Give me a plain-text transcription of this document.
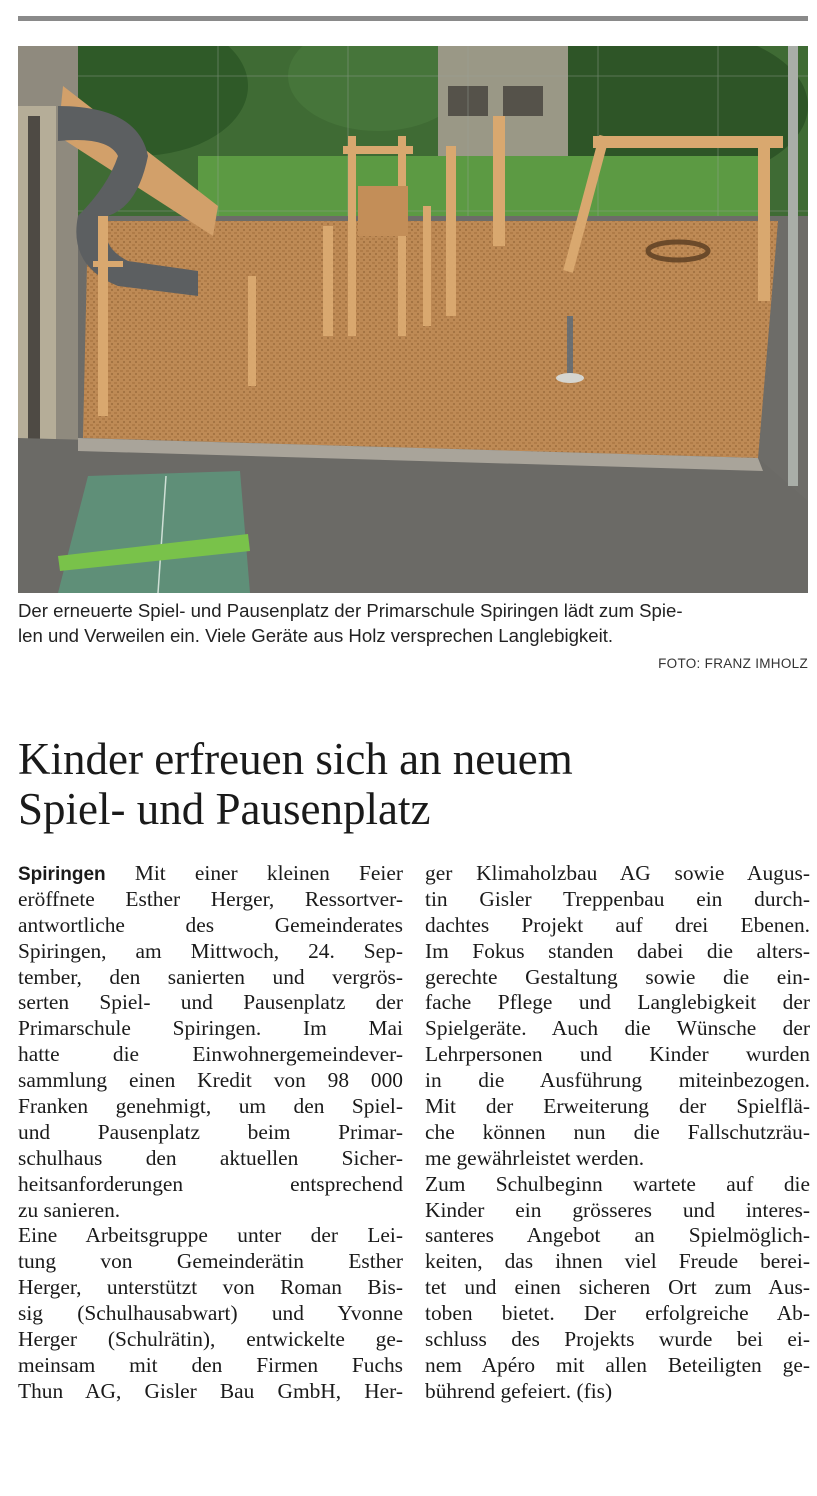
Der erneuerte Spiel- und Pausenplatz der Primarschule Spiringen lädt zum Spie-
len und Verweilen ein. Viele Geräte aus Holz versprechen Langlebigkeit.
FOTO: FRANZ IMHOLZ
Kinder erfreuen sich an neuem
Spiel- und Pausenplatz
Spiringen Mit einer kleinen Feier
eröffnete Esther Herger, Ressortver-
antwortliche des Gemeinderates
Spiringen, am Mittwoch, 24. Sep-
tember, den sanierten und vergrös-
serten Spiel- und Pausenplatz der
Primarschule Spiringen. Im Mai
hatte die Einwohnergemeindever-
sammlung einen Kredit von 98 000
Franken genehmigt, um den Spiel-
und Pausenplatz beim Primar-
schulhaus den aktuellen Sicher-
heitsanforderungen entsprechend
zu sanieren.
Eine Arbeitsgruppe unter der Lei-
tung von Gemeinderätin Esther
Herger, unterstützt von Roman Bis-
sig (Schulhausabwart) und Yvonne
Herger (Schulrätin), entwickelte ge-
meinsam mit den Firmen Fuchs
Thun AG, Gisler Bau GmbH, Her-
ger Klimaholzbau AG sowie Augus-
tin Gisler Treppenbau ein durch-
dachtes Projekt auf drei Ebenen.
Im Fokus standen dabei die alters-
gerechte Gestaltung sowie die ein-
fache Pflege und Langlebigkeit der
Spielgeräte. Auch die Wünsche der
Lehrpersonen und Kinder wurden
in die Ausführung miteinbezogen.
Mit der Erweiterung der Spielflä-
che können nun die Fallschutzräu-
me gewährleistet werden.
Zum Schulbeginn wartete auf die
Kinder ein grösseres und interes-
santeres Angebot an Spielmöglich-
keiten, das ihnen viel Freude berei-
tet und einen sicheren Ort zum Aus-
toben bietet. Der erfolgreiche Ab-
schluss des Projekts wurde bei ei-
nem Apéro mit allen Beteiligten ge-
bührend gefeiert. (fis)
